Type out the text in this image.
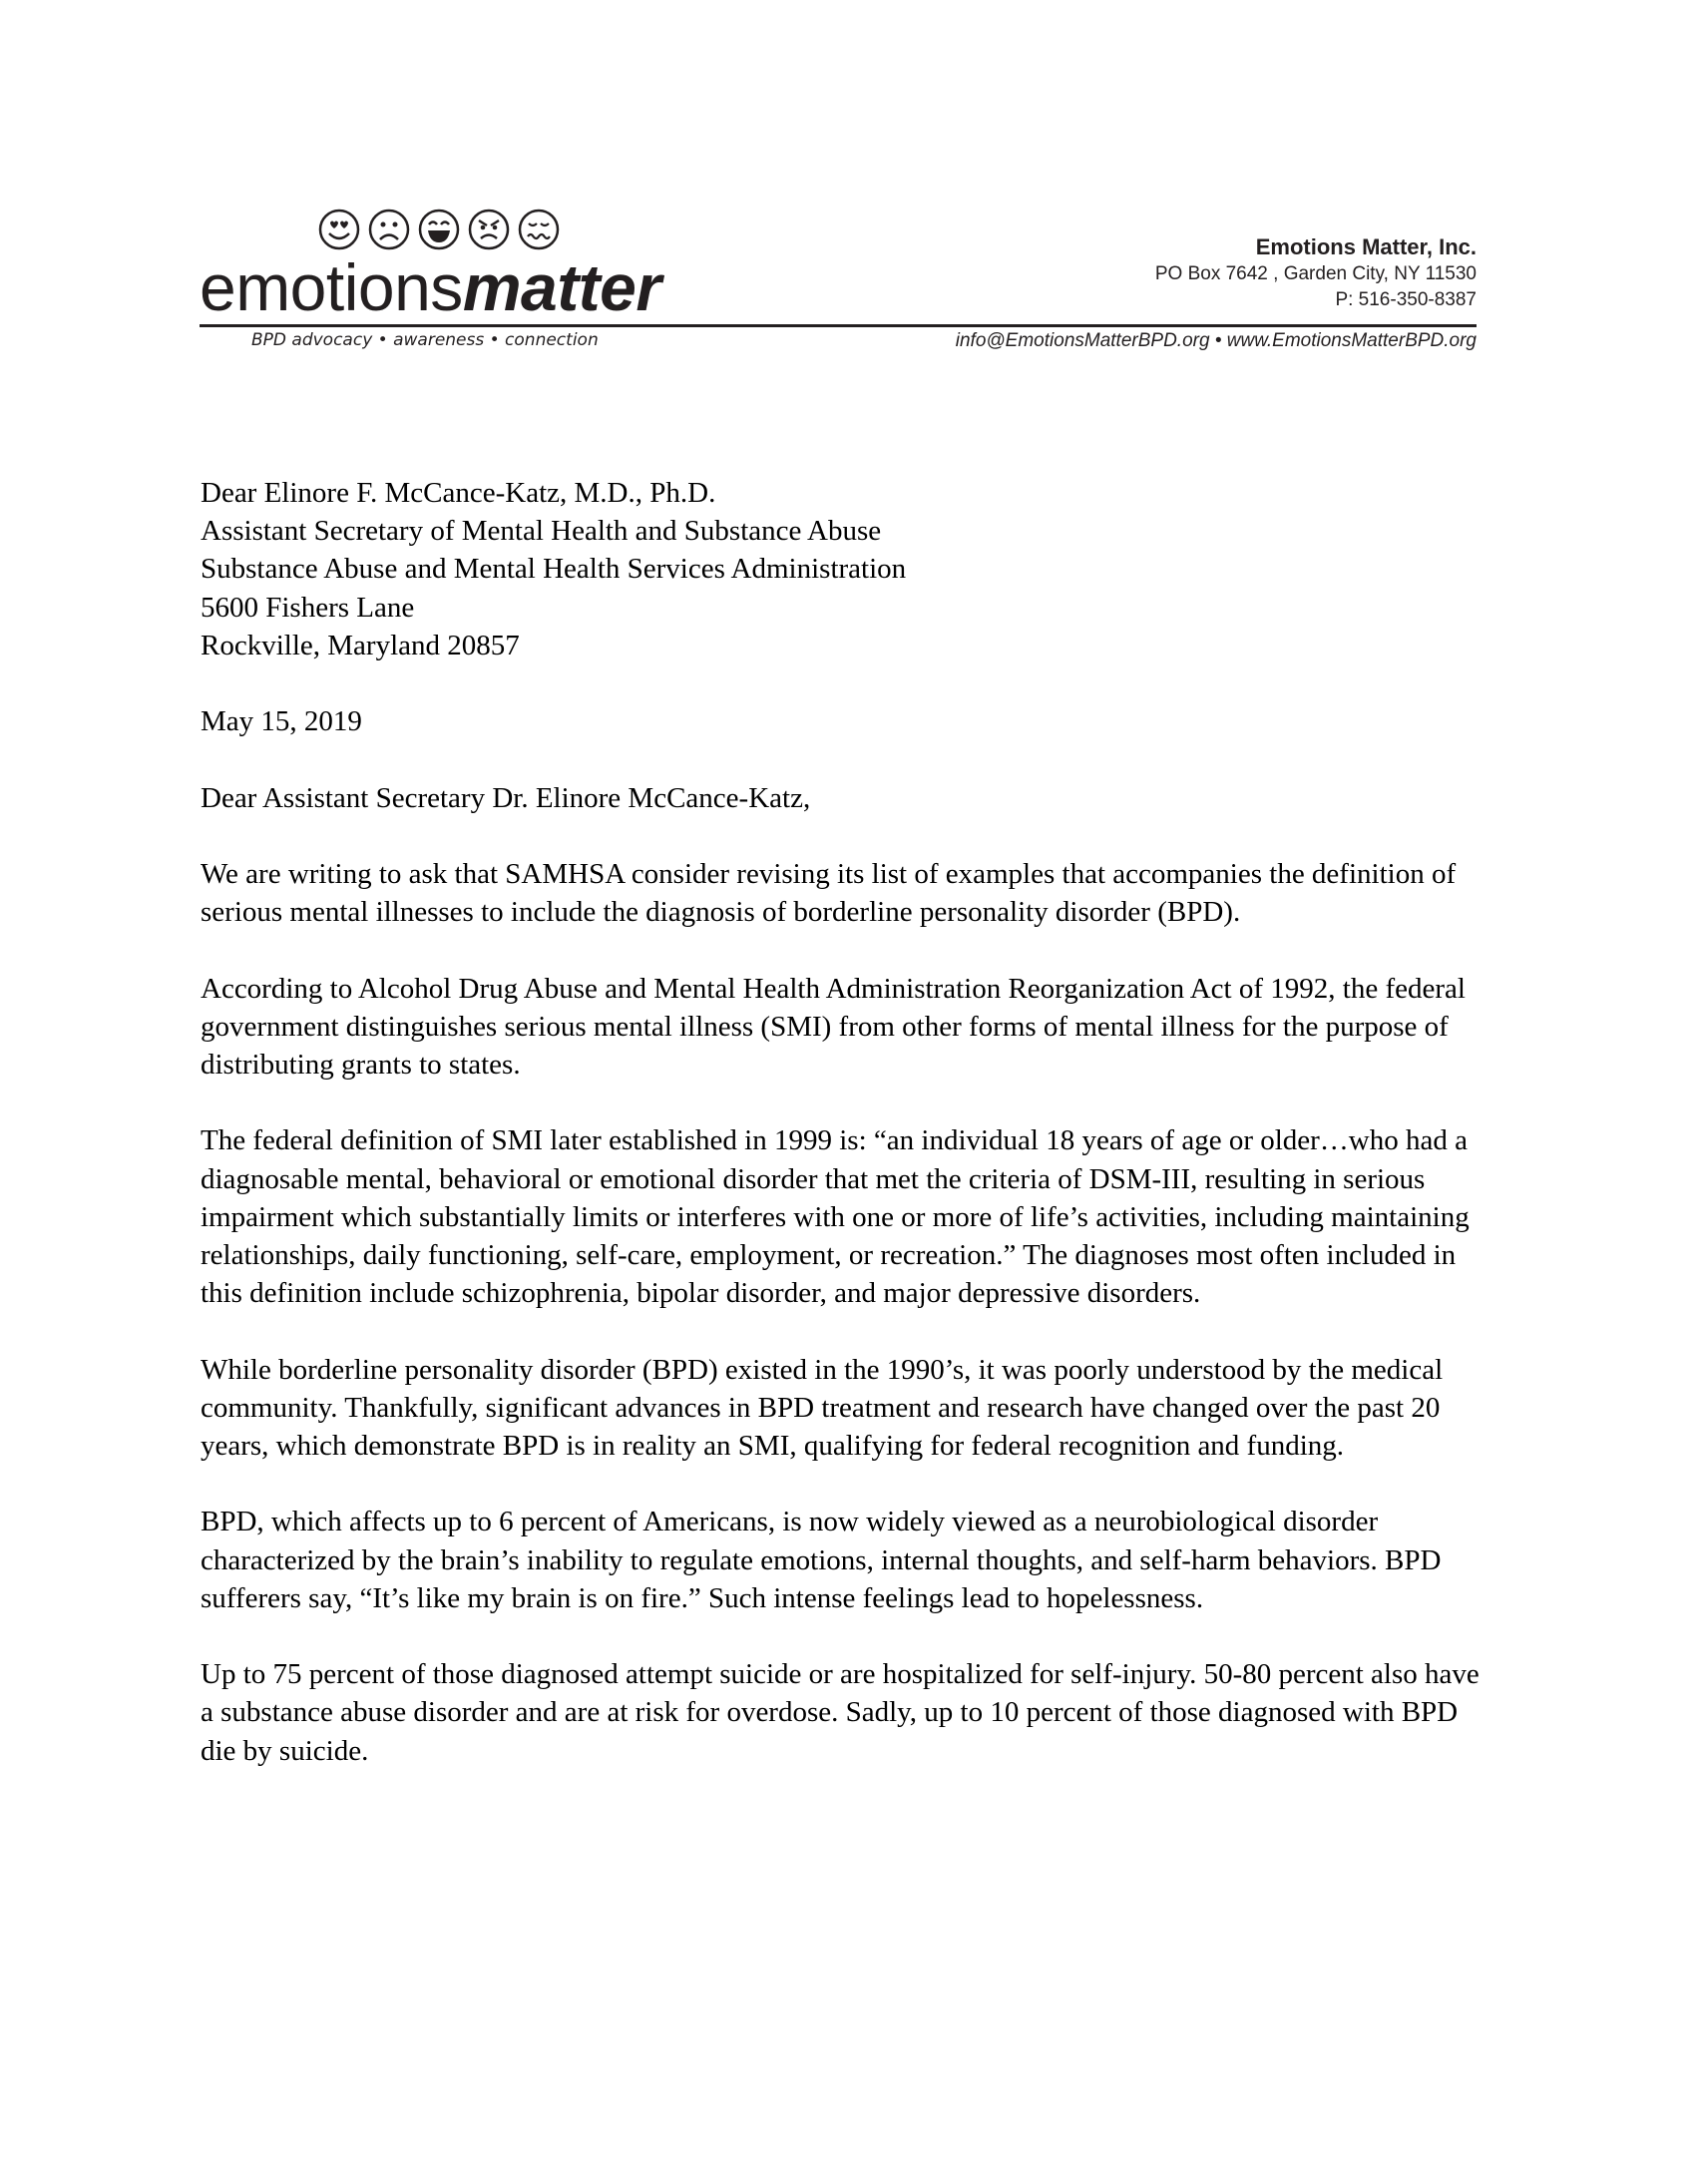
emotionsmatter
Emotions Matter, Inc.
PO Box 7642 , Garden City, NY 11530
P: 516-350-8387
BPD advocacy • awareness • connection	info@EmotionsMatterBPD.org • www.EmotionsMatterBPD.org

Dear Elinore F. McCance-Katz, M.D., Ph.D.
Assistant Secretary of Mental Health and Substance Abuse
Substance Abuse and Mental Health Services Administration
5600 Fishers Lane
Rockville, Maryland 20857

May 15, 2019

Dear Assistant Secretary Dr. Elinore McCance-Katz,

We are writing to ask that SAMHSA consider revising its list of examples that accompanies the definition of serious mental illnesses to include the diagnosis of borderline personality disorder (BPD).

According to Alcohol Drug Abuse and Mental Health Administration Reorganization Act of 1992, the federal government distinguishes serious mental illness (SMI) from other forms of mental illness for the purpose of distributing grants to states.

The federal definition of SMI later established in 1999 is: “an individual 18 years of age or older…who had a diagnosable mental, behavioral or emotional disorder that met the criteria of DSM-III, resulting in serious impairment which substantially limits or interferes with one or more of life’s activities, including maintaining relationships, daily functioning, self-care, employment, or recreation.” The diagnoses most often included in this definition include schizophrenia, bipolar disorder, and major depressive disorders.

While borderline personality disorder (BPD) existed in the 1990’s, it was poorly understood by the medical community. Thankfully, significant advances in BPD treatment and research have changed over the past 20 years, which demonstrate BPD is in reality an SMI, qualifying for federal recognition and funding.

BPD, which affects up to 6 percent of Americans, is now widely viewed as a neurobiological disorder characterized by the brain’s inability to regulate emotions, internal thoughts, and self-harm behaviors. BPD sufferers say, “It’s like my brain is on fire.” Such intense feelings lead to hopelessness.

Up to 75 percent of those diagnosed attempt suicide or are hospitalized for self-injury. 50-80 percent also have a substance abuse disorder and are at risk for overdose. Sadly, up to 10 percent of those diagnosed with BPD die by suicide.
